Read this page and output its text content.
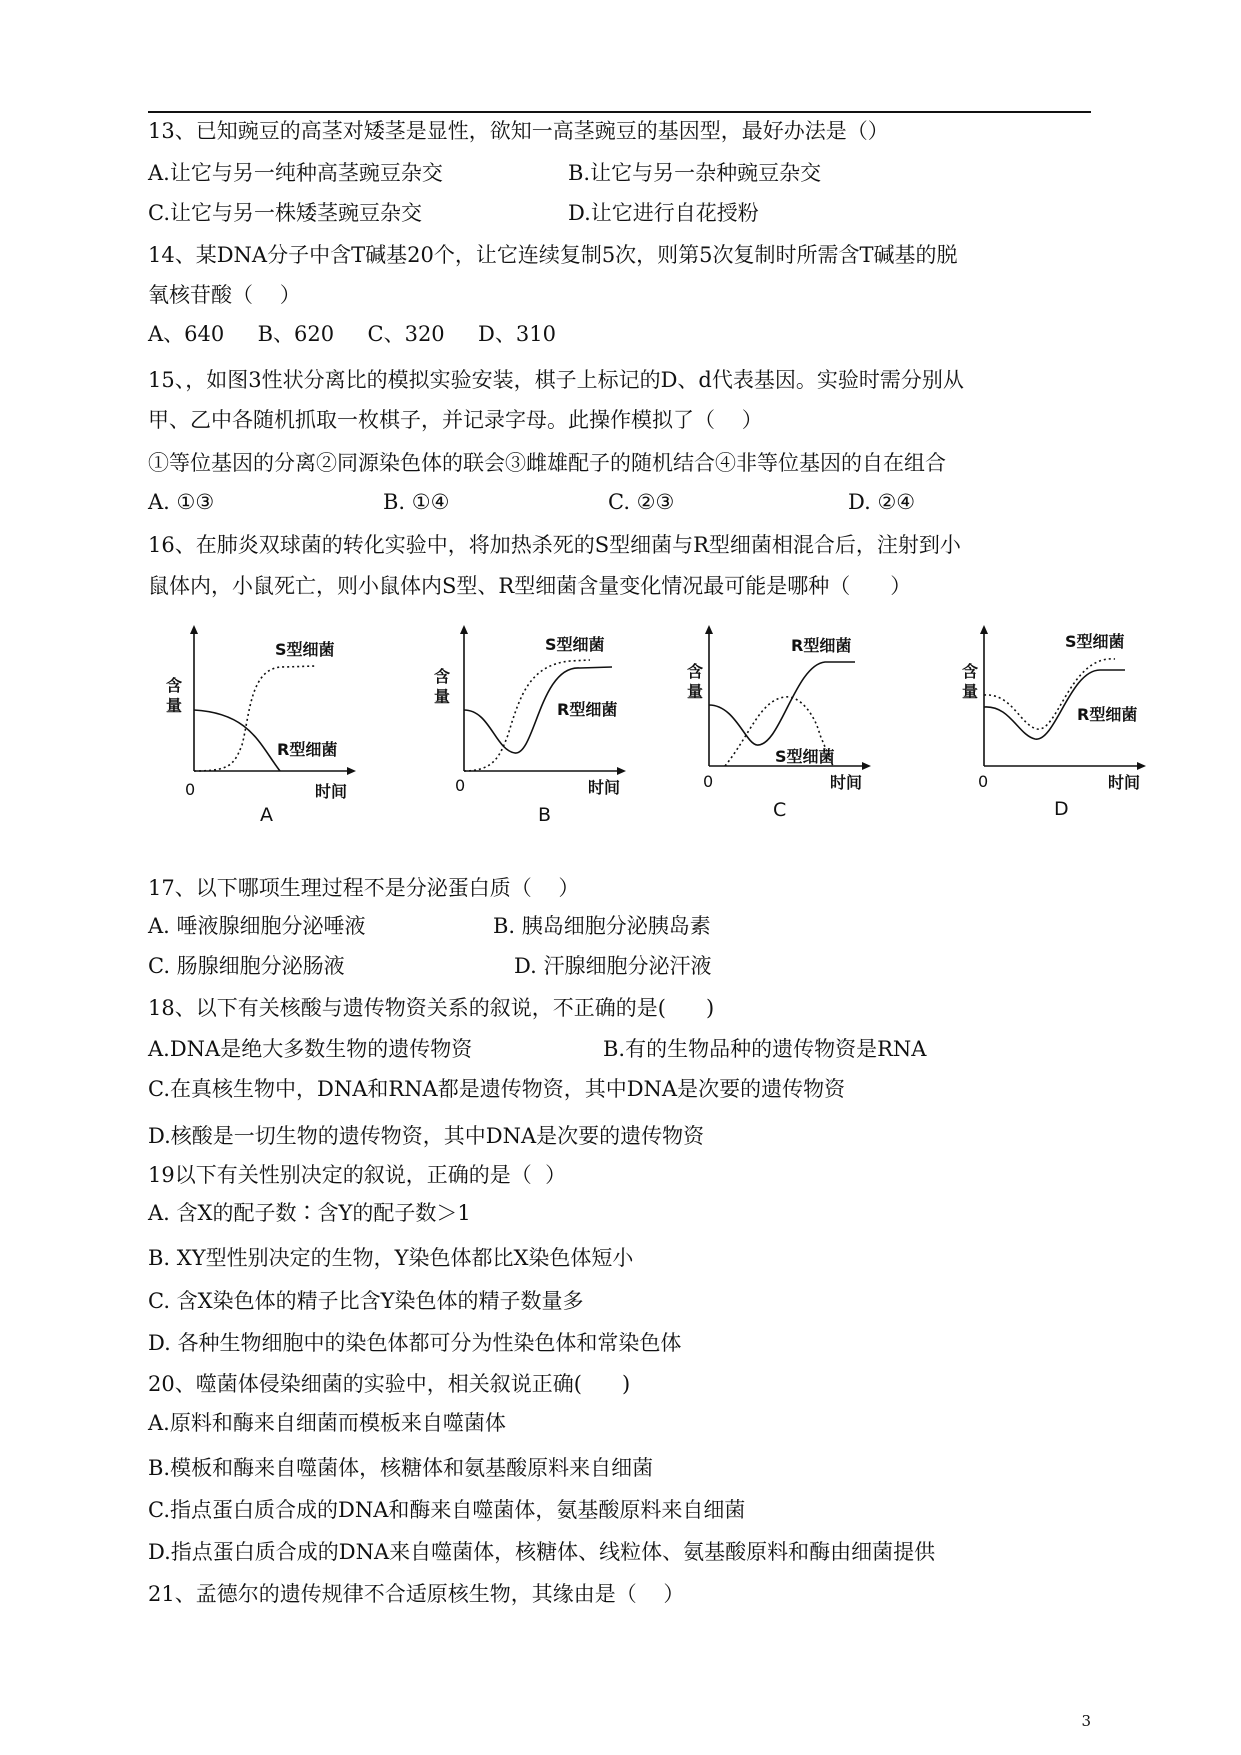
13、已知豌豆的高茎对矮茎是显性，欲知一高茎豌豆的基因型，最好办法是（）
A.让它与另一纯种高茎豌豆杂交	B.让它与另一杂种豌豆杂交
C.让它与另一株矮茎豌豆杂交	D.让它进行自花授粉
14、某DNA分子中含T碱基20个，让它连续复制5次，则第5次复制时所需含T碱基的脱
氧核苷酸（    ）
A、640     B、620     C、320     D、310
15、，如图3性状分离比的模拟实验安装，棋子上标记的D、d代表基因。实验时需分别从
甲、乙中各随机抓取一枚棋子，并记录字母。此操作模拟了（    ）
①等位基因的分离②同源染色体的联会③雌雄配子的随机结合④非等位基因的自在组合
A. ①③	B. ①④	C. ②③	D. ②④
16、在肺炎双球菌的转化实验中，将加热杀死的S型细菌与R型细菌相混合后，注射到小
鼠体内，小鼠死亡，则小鼠体内S型、R型细菌含量变化情况最可能是哪种（      ）
S型细菌
R型细菌
含 量
0	时间
A
S型细菌
R型细菌
含 量
0	时间
B
R型细菌
S型细菌
含 量
0	时间
C
S型细菌
R型细菌
含 量
0	时间
D
17、以下哪项生理过程不是分泌蛋白质（    ）
A. 唾液腺细胞分泌唾液	B. 胰岛细胞分泌胰岛素
C. 肠腺细胞分泌肠液	D. 汗腺细胞分泌汗液
18、以下有关核酸与遗传物资关系的叙说，不正确的是(      )
A.DNA是绝大多数生物的遗传物资	B.有的生物品种的遗传物资是RNA
C.在真核生物中，DNA和RNA都是遗传物资，其中DNA是次要的遗传物资
D.核酸是一切生物的遗传物资，其中DNA是次要的遗传物资
19以下有关性别决定的叙说，正确的是（  ）
A. 含X的配子数∶含Y的配子数＞1
B. XY型性别决定的生物，Y染色体都比X染色体短小
C. 含X染色体的精子比含Y染色体的精子数量多
D. 各种生物细胞中的染色体都可分为性染色体和常染色体
20、噬菌体侵染细菌的实验中，相关叙说正确(      )
A.原料和酶来自细菌而模板来自噬菌体
B.模板和酶来自噬菌体，核糖体和氨基酸原料来自细菌
C.指点蛋白质合成的DNA和酶来自噬菌体，氨基酸原料来自细菌
D.指点蛋白质合成的DNA来自噬菌体，核糖体、线粒体、氨基酸原料和酶由细菌提供
21、孟德尔的遗传规律不合适原核生物，其缘由是（    ）
3
